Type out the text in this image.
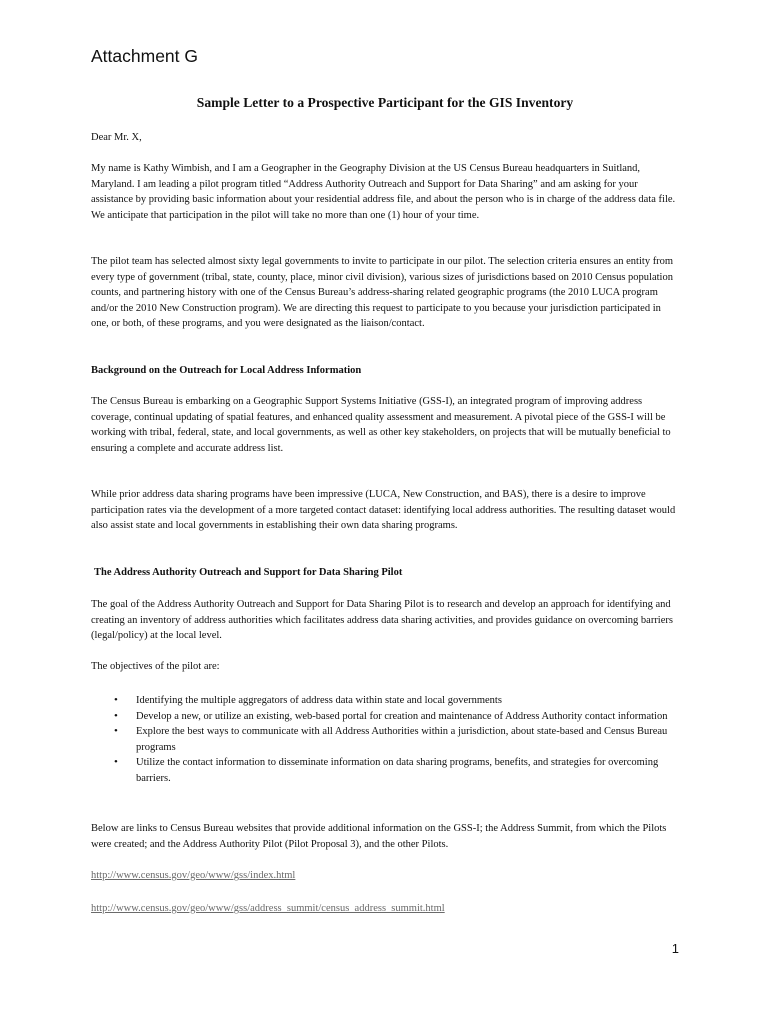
Attachment G
Sample Letter to a Prospective Participant for the GIS Inventory

Dear Mr. X,

My name is Kathy Wimbish, and I am a Geographer in the Geography Division at the US Census Bureau headquarters in Suitland, Maryland. I am leading a pilot program titled “Address Authority Outreach and Support for Data Sharing” and am asking for your assistance by providing basic information about your residential address file, and about the person who is in charge of the address data file. We anticipate that participation in the pilot will take no more than one (1) hour of your time.

The pilot team has selected almost sixty legal governments to invite to participate in our pilot. The selection criteria ensures an entity from every type of government (tribal, state, county, place, minor civil division), various sizes of jurisdictions based on 2010 Census population counts, and partnering history with one of the Census Bureau’s address-sharing related geographic programs (the 2010 LUCA program and/or the 2010 New Construction program). We are directing this request to participate to you because your jurisdiction participated in one, or both, of these programs, and you were designated as the liaison/contact.

Background on the Outreach for Local Address Information

The Census Bureau is embarking on a Geographic Support Systems Initiative (GSS-I), an integrated program of improving address coverage, continual updating of spatial features, and enhanced quality assessment and measurement. A pivotal piece of the GSS-I will be working with tribal, federal, state, and local governments, as well as other key stakeholders, on projects that will be mutually beneficial to ensuring a complete and accurate address list.

While prior address data sharing programs have been impressive (LUCA, New Construction, and BAS), there is a desire to improve participation rates via the development of a more targeted contact dataset: identifying local address authorities. The resulting dataset would also assist state and local governments in establishing their own data sharing programs.

The Address Authority Outreach and Support for Data Sharing Pilot

The goal of the Address Authority Outreach and Support for Data Sharing Pilot is to research and develop an approach for identifying and creating an inventory of address authorities which facilitates address data sharing activities, and provides guidance on overcoming barriers (legal/policy) at the local level.

The objectives of the pilot are:

• Identifying the multiple aggregators of address data within state and local governments
• Develop a new, or utilize an existing, web-based portal for creation and maintenance of Address Authority contact information
• Explore the best ways to communicate with all Address Authorities within a jurisdiction, about state-based and Census Bureau programs
• Utilize the contact information to disseminate information on data sharing programs, benefits, and strategies for overcoming barriers.

Below are links to Census Bureau websites that provide additional information on the GSS-I; the Address Summit, from which the Pilots were created; and the Address Authority Pilot (Pilot Proposal 3), and the other Pilots.

http://www.census.gov/geo/www/gss/index.html
http://www.census.gov/geo/www/gss/address_summit/census_address_summit.html

1
